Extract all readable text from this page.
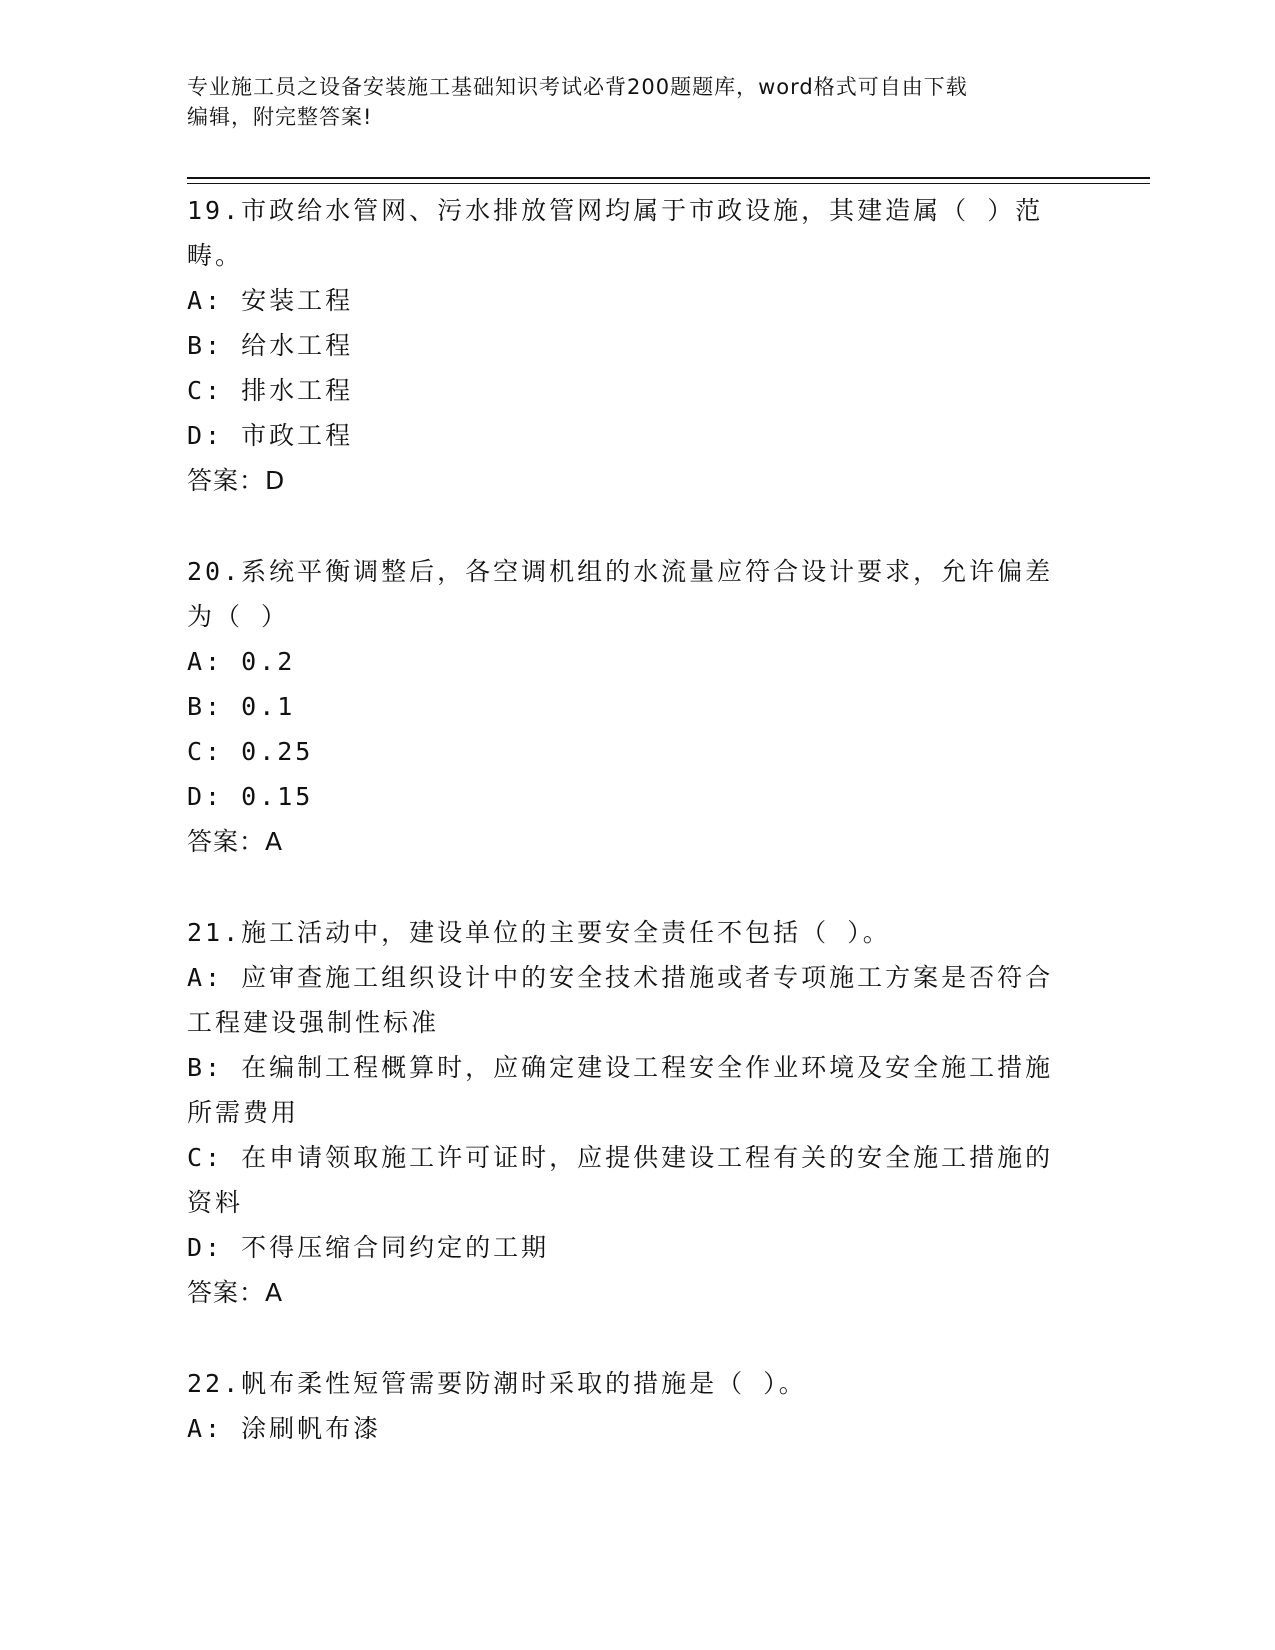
专业施工员之设备安装施工基础知识考试必背200题题库，word格式可自由下载
编辑，附完整答案!
19.市政给水管网、污水排放管网均属于市政设施，其建造属（ ）范畴。
A: 安装工程
B: 给水工程
C: 排水工程
D: 市政工程
答案：D
20.系统平衡调整后，各空调机组的水流量应符合设计要求，允许偏差为（ ）
A: 0.2
B: 0.1
C: 0.25
D: 0.15
答案：A
21.施工活动中，建设单位的主要安全责任不包括（ ）。
A: 应审查施工组织设计中的安全技术措施或者专项施工方案是否符合工程建设强制性标准
B: 在编制工程概算时，应确定建设工程安全作业环境及安全施工措施所需费用
C: 在申请领取施工许可证时，应提供建设工程有关的安全施工措施的资料
D: 不得压缩合同约定的工期
答案：A
22.帆布柔性短管需要防潮时采取的措施是（ ）。
A: 涂刷帆布漆
